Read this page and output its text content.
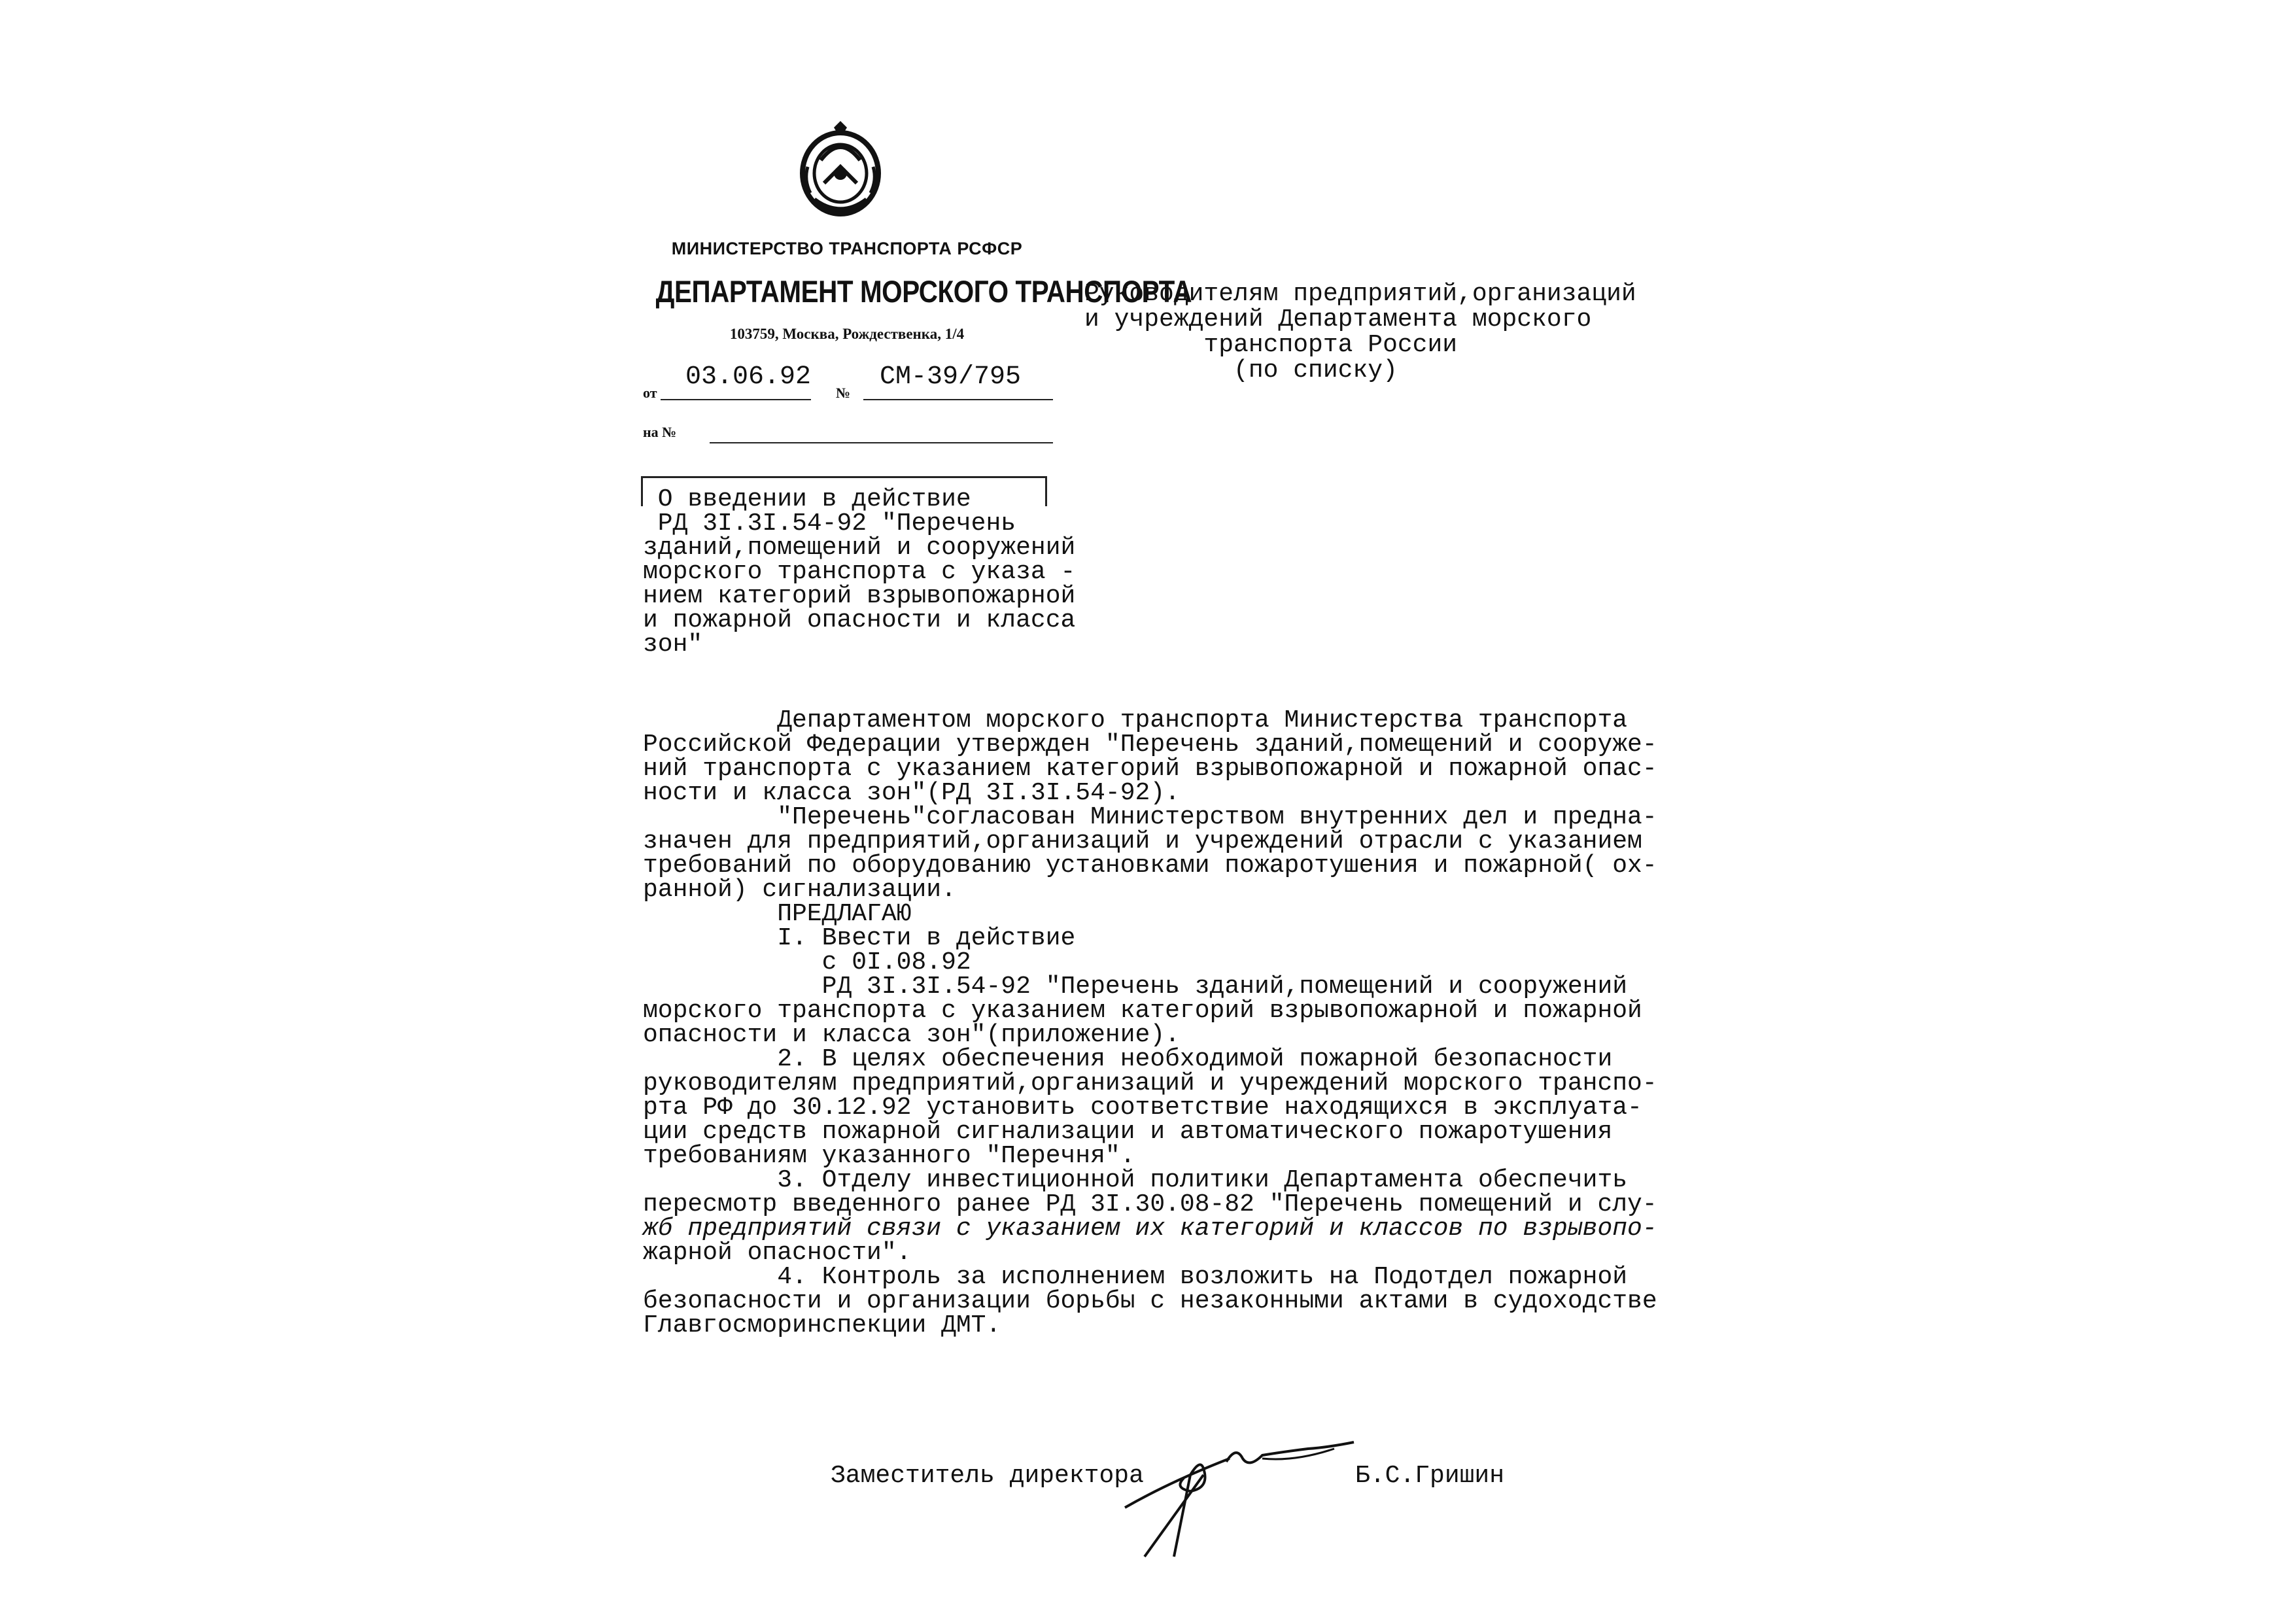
МИНИСТЕРСТВО ТРАНСПОРТА РСФСР
ДЕПАРТАМЕНТ МОРСКОГО ТРАНСПОРТА
103759, Москва, Рождественка, 1/4
от
03.06.92
№
СМ-39/795
на №
Руководителям предприятий,организаций
и учреждений Департамента морского
транспорта России
(по списку)
О введении в действие
РД 3I.3I.54-92 "Перечень
зданий,помещений и сооружений
морского транспорта с указа -
нием категорий взрывопожарной
и пожарной опасности и класса
зон"
Департаментом морского транспорта Министерства транспорта
Российской Федерации утвержден "Перечень зданий,помещений и сооруже-
ний транспорта с указанием категорий взрывопожарной и пожарной опас-
ности и класса зон"(РД 3I.3I.54-92).
"Перечень"согласован Министерством внутренних дел и предна-
значен для предприятий,организаций и учреждений отрасли с указанием
требований по оборудованию установками пожаротушения и пожарной( ох-
ранной) сигнализации.
ПРЕДЛАГАЮ
I. Ввести в действие
с 0I.08.92
РД 3I.3I.54-92 "Перечень зданий,помещений и сооружений
морского транспорта с указанием категорий взрывопожарной и пожарной
опасности и класса зон"(приложение).
2. В целях обеспечения необходимой пожарной безопасности
руководителям предприятий,организаций и учреждений морского транспо-
рта РФ до 30.12.92 установить соответствие находящихся в эксплуата-
ции средств пожарной сигнализации и автоматического пожаротушения
требованиям указанного "Перечня".
3. Отделу инвестиционной политики Департамента обеспечить
пересмотр введенного ранее РД 3I.30.08-82 "Перечень помещений и слу-
жб предприятий связи с указанием их категорий и классов по взрывопо-
жарной опасности".
4. Контроль за исполнением возложить на Подотдел пожарной
безопасности и организации борьбы с незаконными актами в судоходстве
Главгосморинспекции ДМТ.
Заместитель директора	Б.С.Гришин
